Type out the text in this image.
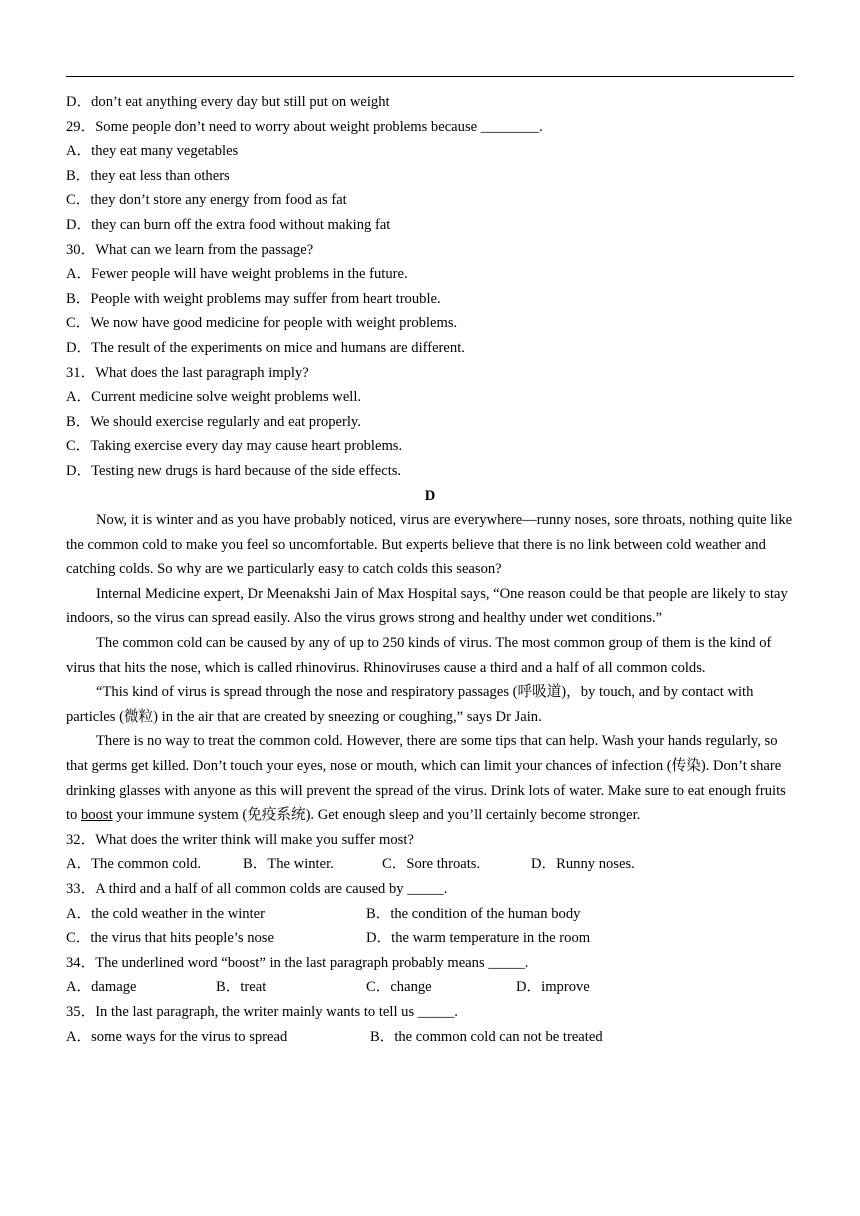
D．don’t eat anything every day but still put on weight
29．Some people don’t need to worry about weight problems because ________.
A．they eat many vegetables
B．they eat less than others
C．they don’t store any energy from food as fat
D．they can burn off the extra food without making fat
30．What can we learn from the passage?
A．Fewer people will have weight problems in the future.
B．People with weight problems may suffer from heart trouble.
C．We now have good medicine for people with weight problems.
D．The result of the experiments on mice and humans are different.
31．What does the last paragraph imply?
A．Current medicine solve weight problems well.
B．We should exercise regularly and eat properly.
C．Taking exercise every day may cause heart problems.
D．Testing new drugs is hard because of the side effects.
D
Now, it is winter and as you have probably noticed, virus are everywhere—runny noses, sore throats, nothing quite like the common cold to make you feel so uncomfortable. But experts believe that there is no link between cold weather and catching colds. So why are we particularly easy to catch colds this season?
Internal Medicine expert, Dr Meenakshi Jain of Max Hospital says, “One reason could be that people are likely to stay indoors, so the virus can spread easily. Also the virus grows strong and healthy under wet conditions.”
The common cold can be caused by any of up to 250 kinds of virus. The most common group of them is the kind of virus that hits the nose, which is called rhinovirus. Rhinoviruses cause a third and a half of all common colds.
“This kind of virus is spread through the nose and respiratory passages (呼吸道)，by touch, and by contact with particles (微粒) in the air that are created by sneezing or coughing,” says Dr Jain.
There is no way to treat the common cold. However, there are some tips that can help. Wash your hands regularly, so that germs get killed. Don’t touch your eyes, nose or mouth, which can limit your chances of infection (传染). Don’t share drinking glasses with anyone as this will prevent the spread of the virus. Drink lots of water. Make sure to eat enough fruits to boost your immune system (免疫系统). Get enough sleep and you’ll certainly become stronger.
32．What does the writer think will make you suffer most?
A．The common cold.	B．The winter.	C．Sore throats.	D．Runny noses.
33．A third and a half of all common colds are caused by _____.
A．the cold weather in the winter	B．the condition of the human body
C．the virus that hits people’s nose	D．the warm temperature in the room
34．The underlined word “boost” in the last paragraph probably means _____.
A．damage	B．treat	C．change	D．improve
35．In the last paragraph, the writer mainly wants to tell us _____.
A．some ways for the virus to spread	B．the common cold can not be treated
